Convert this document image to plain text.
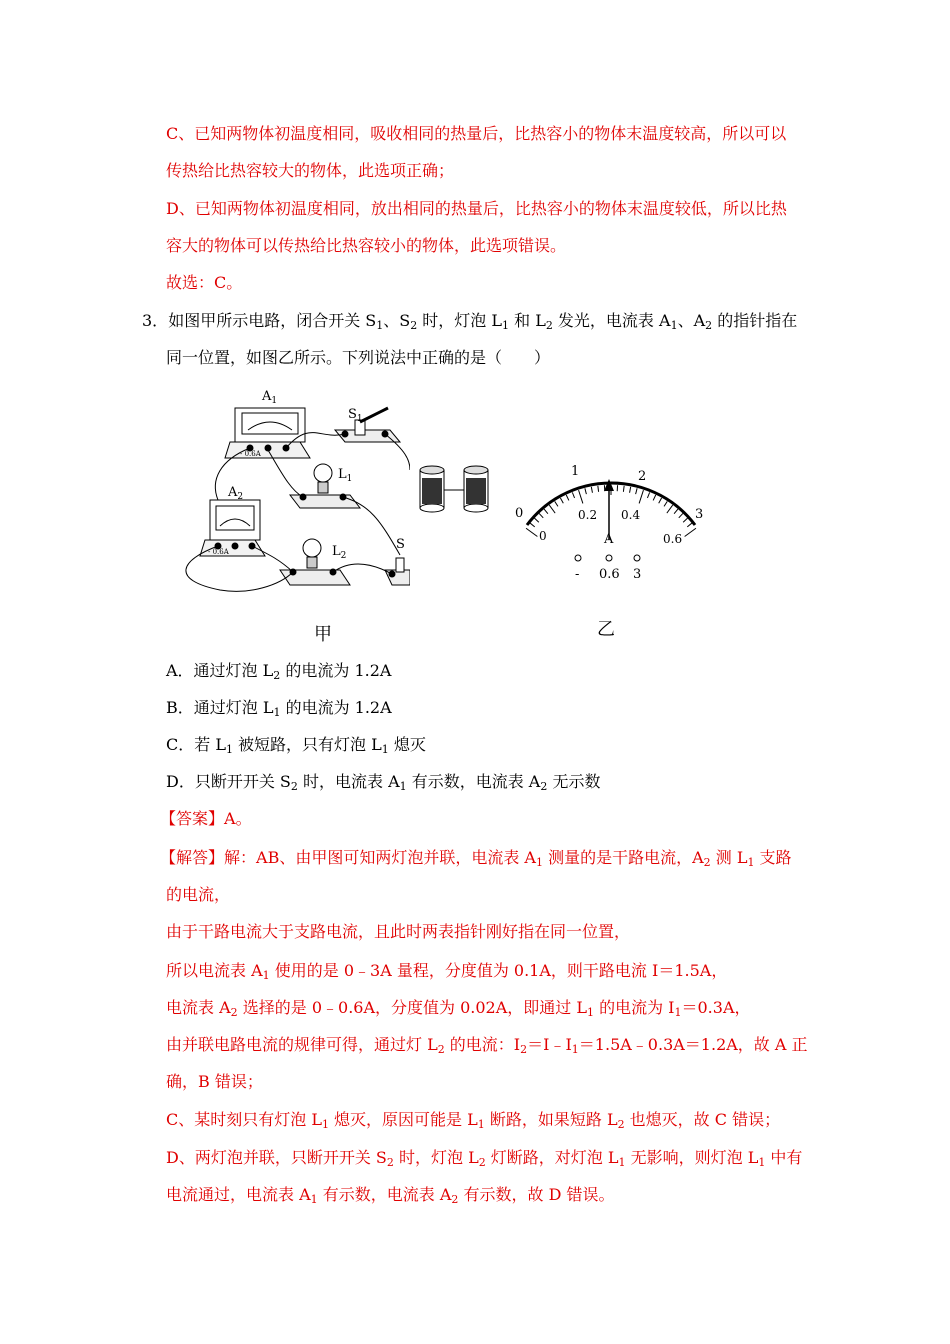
C、已知两物体初温度相同，吸收相同的热量后，比热容小的物体末温度较高，所以可以
传热给比热容较大的物体，此选项正确；
D、已知两物体初温度相同，放出相同的热量后，比热容小的物体末温度较低，所以比热
容大的物体可以传热给比热容较小的物体，此选项错误。
故选：C。
3．如图甲所示电路，闭合开关 $S_1$、$S_2$ 时，灯泡 $L_1$ 和 $L_2$ 发光，电流表 $A_1$、$A_2$ 的指针指在
同一位置，如图乙所示。下列说法中正确的是（　　）
$A_1$
- 0.6A
$S_1$
$L_1$
$A_2$
- 0.6A	$L_2$
S
0
1	2
3
0
0.2 0.4
0.6
A
- 0.6 3
甲	乙
A．通过灯泡 $L_2$ 的电流为 1.2A
B．通过灯泡 $L_1$ 的电流为 1.2A
C．若 $L_1$ 被短路，只有灯泡 $L_1$ 熄灭
D．只断开开关 $S_2$ 时，电流表 $A_1$ 有示数，电流表 $A_2$ 无示数
【答案】A。
【解答】解：AB、由甲图可知两灯泡并联，电流表 $A_1$ 测量的是干路电流，$A_2$ 测 $L_1$ 支路
的电流，
由于干路电流大于支路电流，且此时两表指针刚好指在同一位置，
所以电流表 $A_1$ 使用的是 0﹣3A 量程，分度值为 0.1A，则干路电流 I＝1.5A，
电流表 $A_2$ 选择的是 0﹣0.6A，分度值为 0.02A，即通过 $L_1$ 的电流为 $I_1=0.3A$，
由并联电路电流的规律可得，通过灯 $L_2$ 的电流：$I_2=I﹣I_1=1.5A﹣0.3A=1.2A$，故 A 正
确，B 错误；
C、某时刻只有灯泡 $L_1$ 熄灭，原因可能是 $L_1$ 断路，如果短路 $L_2$ 也熄灭，故 C 错误；
D、两灯泡并联，只断开开关 $S_2$ 时，灯泡 $L_2$ 灯断路，对灯泡 $L_1$ 无影响，则灯泡 $L_1$ 中有
电流通过，电流表 $A_1$ 有示数，电流表 $A_2$ 有示数，故 D 错误。
